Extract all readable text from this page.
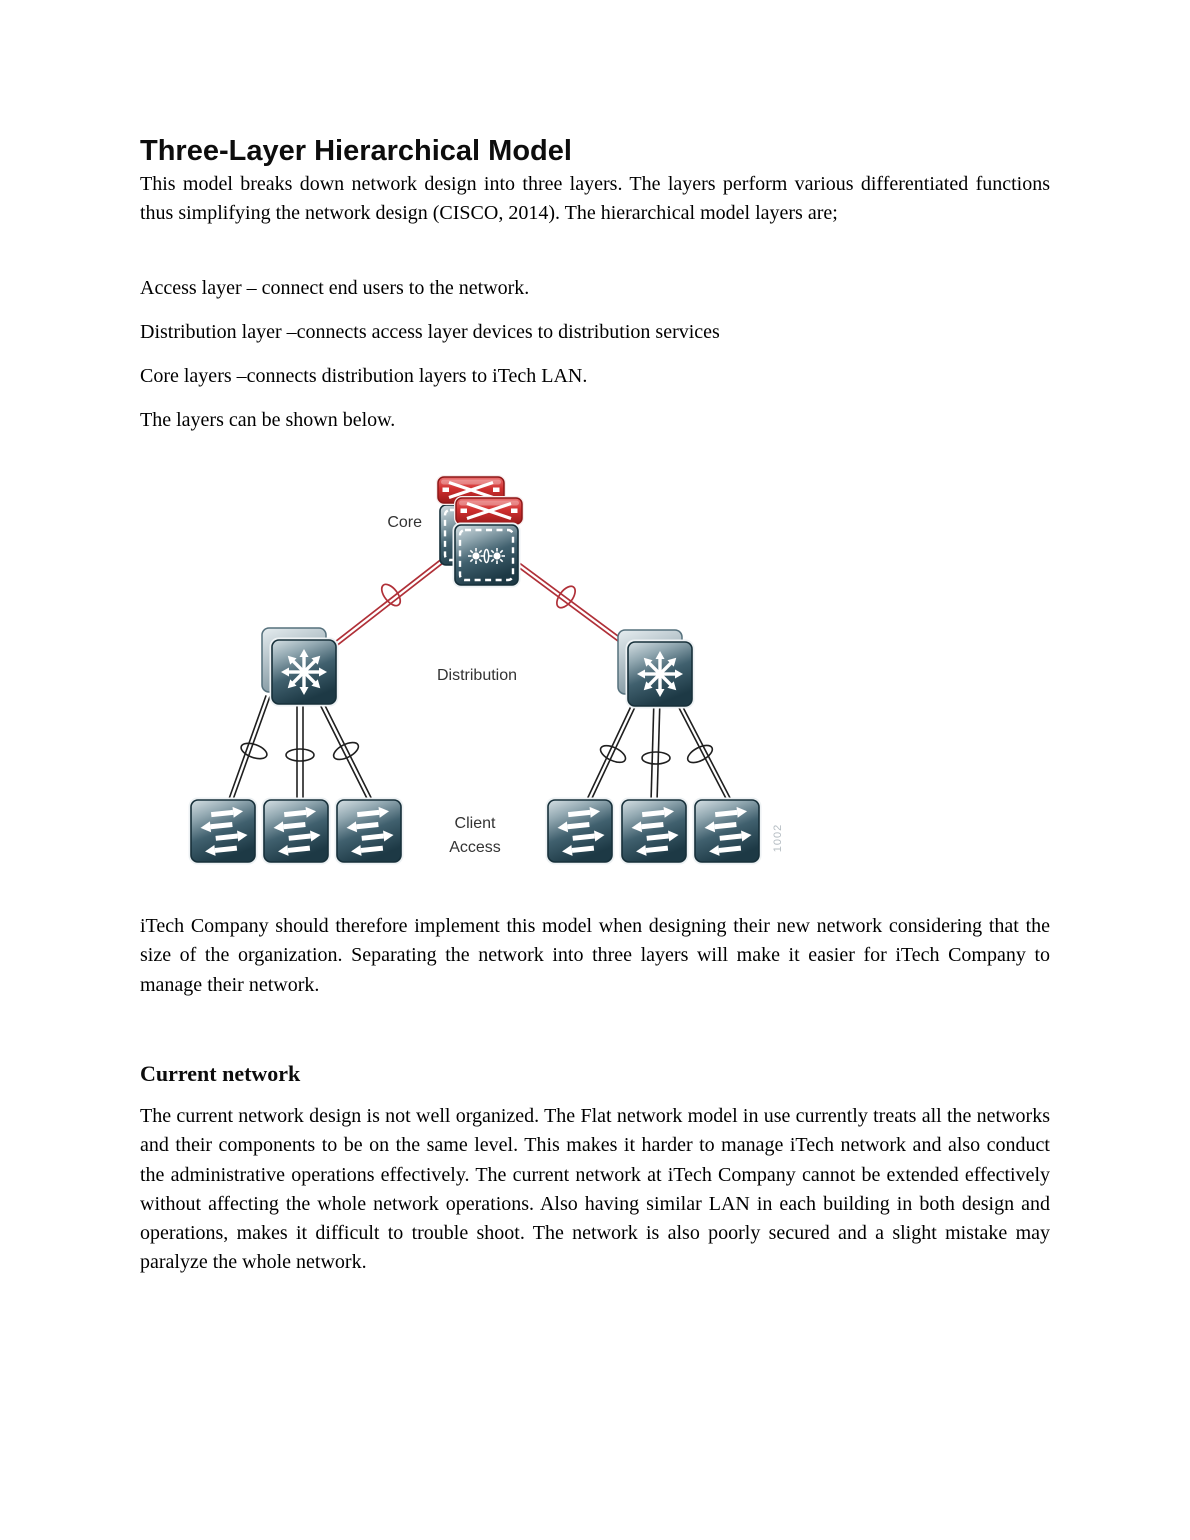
Three-Layer Hierarchical Model
This model breaks down network design into three layers. The layers perform various differentiated functions thus simplifying the network design (CISCO, 2014). The hierarchical model layers are;
Access layer – connect end users to the network.
Distribution layer –connects access layer devices to distribution services
Core layers –connects distribution layers to iTech LAN.
The layers can be shown below.
Core
Distribution
Client
Access	1002
iTech Company should therefore implement this model when designing their new network considering that the size of the organization. Separating the network into three layers will make it easier for iTech Company to manage their network.
Current network
The current network design is not well organized. The Flat network model in use currently treats all the networks and their components to be on the same level. This makes it harder to manage iTech network and also conduct the administrative operations effectively. The current network at iTech Company cannot be extended effectively without affecting the whole network operations. Also having similar LAN in each building in both design and operations, makes it difficult to trouble shoot. The network is also poorly secured and a slight mistake may paralyze the whole network.
